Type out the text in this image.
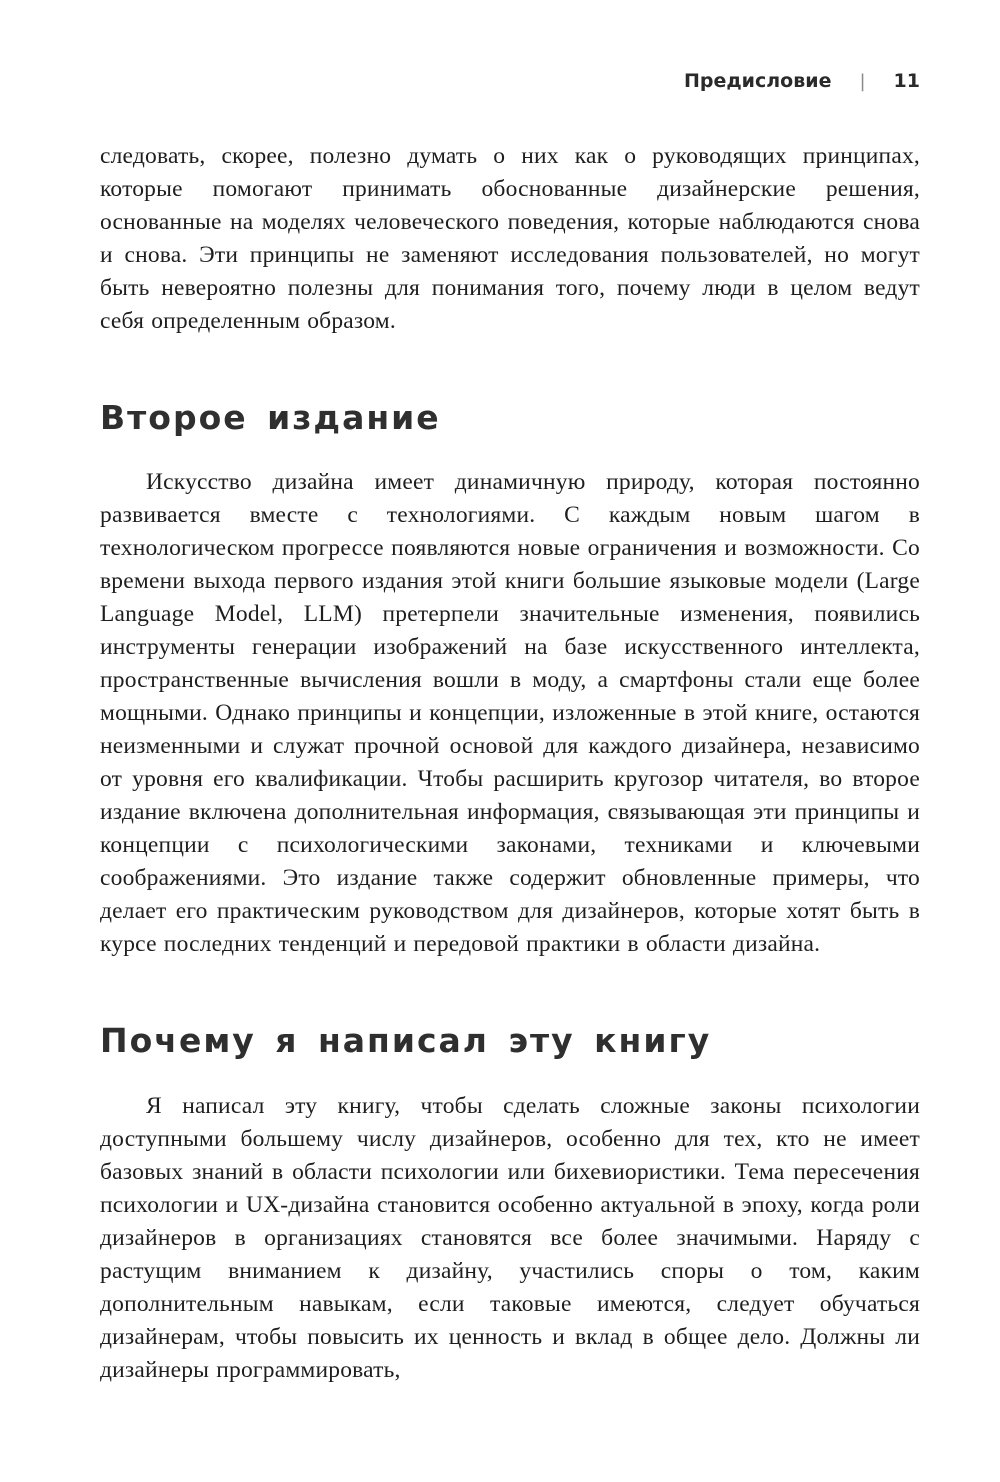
Предисловие | 11

следовать, скорее, полезно думать о них как о руководящих принципах, которые помогают принимать обоснованные дизайнерские решения, основанные на моделях человеческого поведения, которые наблюдаются снова и снова. Эти принципы не заменяют исследования пользователей, но могут быть невероятно полезны для понимания того, почему люди в целом ведут себя определенным образом.

Второе издание

Искусство дизайна имеет динамичную природу, которая постоянно развивается вместе с технологиями. С каждым новым шагом в технологическом прогрессе появляются новые ограничения и возможности. Со времени выхода первого издания этой книги большие языковые модели (Large Language Model, LLM) претерпели значительные изменения, появились инструменты генерации изображений на базе искусственного интеллекта, пространственные вычисления вошли в моду, а смартфоны стали еще более мощными. Однако принципы и концепции, изложенные в этой книге, остаются неизменными и служат прочной основой для каждого дизайнера, независимо от уровня его квалификации. Чтобы расширить кругозор читателя, во второе издание включена дополнительная информация, связывающая эти принципы и концепции с психологическими законами, техниками и ключевыми соображениями. Это издание также содержит обновленные примеры, что делает его практическим руководством для дизайнеров, которые хотят быть в курсе последних тенденций и передовой практики в области дизайна.

Почему я написал эту книгу

Я написал эту книгу, чтобы сделать сложные законы психологии доступными большему числу дизайнеров, особенно для тех, кто не имеет базовых знаний в области психологии или бихевиористики. Тема пересечения психологии и UX-дизайна становится особенно актуальной в эпоху, когда роли дизайнеров в организациях становятся все более значимыми. Наряду с растущим вниманием к дизайну, участились споры о том, каким дополнительным навыкам, если таковые имеются, следует обучаться дизайнерам, чтобы повысить их ценность и вклад в общее дело. Должны ли дизайнеры программировать,
